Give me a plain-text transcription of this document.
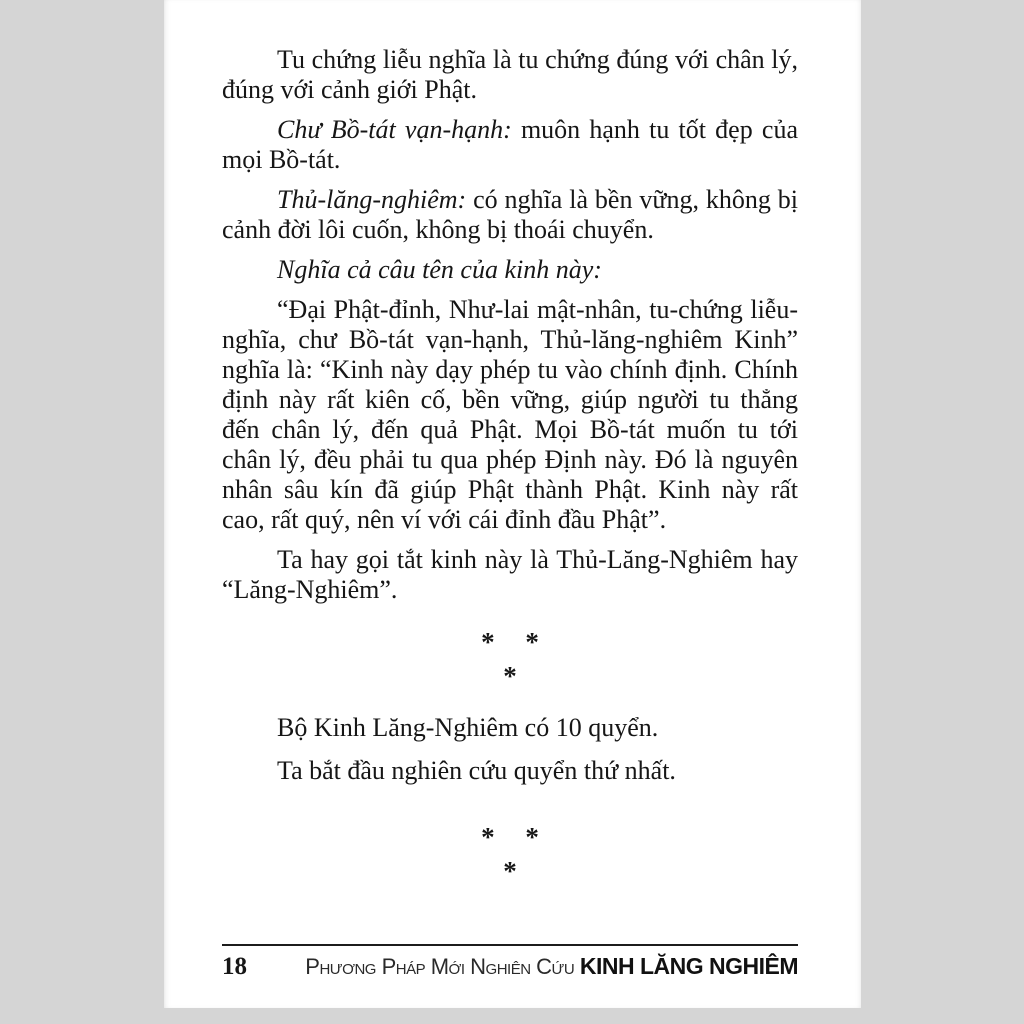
Tu chứng liễu nghĩa là tu chứng đúng với chân lý, đúng với cảnh giới Phật.

Chư Bồ-tát vạn-hạnh: muôn hạnh tu tốt đẹp của mọi Bồ-tát.

Thủ-lăng-nghiêm: có nghĩa là bền vững, không bị cảnh đời lôi cuốn, không bị thoái chuyển.

Nghĩa cả câu tên của kinh này:

“Đại Phật-đỉnh, Như-lai mật-nhân, tu-chứng liễu-nghĩa, chư Bồ-tát vạn-hạnh, Thủ-lăng-nghiêm Kinh” nghĩa là: “Kinh này dạy phép tu vào chính định. Chính định này rất kiên cố, bền vững, giúp người tu thẳng đến chân lý, đến quả Phật. Mọi Bồ-tát muốn tu tới chân lý, đều phải tu qua phép Định này. Đó là nguyên nhân sâu kín đã giúp Phật thành Phật. Kinh này rất cao, rất quý, nên ví với cái đỉnh đầu Phật”.

Ta hay gọi tắt kinh này là Thủ-Lăng-Nghiêm hay “Lăng-Nghiêm”.

* *
*

Bộ Kinh Lăng-Nghiêm có 10 quyển.

Ta bắt đầu nghiên cứu quyển thứ nhất.

* *
*
18	Phương Pháp Mới Nghiên Cứu KINH LĂNG NGHIÊM
